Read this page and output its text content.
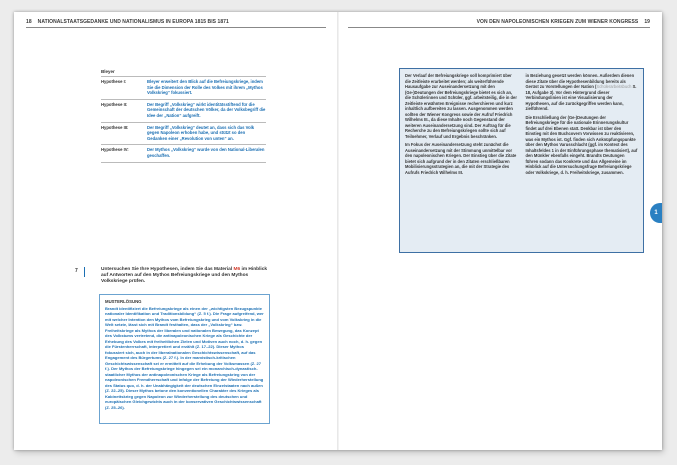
18 NATIONALSTAATSGEDANKE UND NATIONALISMUS IN EUROPA 1815 BIS 1871	VON DEN NAPOLEONISCHEN KRIEGEN ZUM WIENER KONGRESS 19
Bleyer
Hypothese I:	Bleyer erweitert den Blick auf die Befreiungskriege, indem Sie die Dimension der Rolle des Volkes mit ihrem „Mythos Volkskrieg“ fokussiert.
Hypothese II:	Der Begriff „Volkskrieg“ wirkt identitätsstiftend für die Gemeinschaft der deutschen Völker, da der Volksbegriff die Idee der „Nation“ aufgreift.
Hypothese III:	Der Begriff „Volkskrieg“ deutet an, dass sich das Volk gegen Napoleon erhoben habe, und stützt so den Gedanken einer „Revolution von unten“ an.
Hypothese IV:	Der Mythos „Volkskrieg“ wurde von den National-Liberalen geschaffen.
7	Untersuchen Sie Ihre Hypothesen, indem Sie das Material M6 im Hinblick auf Antworten auf den Mythos Befreiungskriege und den Mythos Volkskriege prüfen.
MUSTERLÖSUNG
Brandt identifiziert die Befreiungskriege als einen der „wichtigsten Bezugspunkte nationaler Identifikation und Traditionsbildung“ (Z. 5 f.). Die Frage aufgreifend, wer mit welcher Intention den Mythos vom Befreiungskrieg und vom Volkskrieg in die Welt setzte, lässt sich mit Brandt festhalten, dass der „Volkskrieg“ bzw. Freiheitskriege als Mythos der liberalen und nationalen Bewegung, das Konzept des Volkstums vertretend, die antinapoleonischen Kriege als Geschichte der Erhebung des Volkes mit freiheitlichen Zielen und Motiven auch noch, d. h. gegen die Fürstenherrschaft, interpretiert und erzählt (Z. 17–22). Dieser Mythos fokussiert sich, auch in der liberalnationalen Geschichtswissenschaft, auf das Engagement des Bürgertums (Z. 27 f.). In der marxistisch-kritischen Geschichtswissenschaft sei er ermittelt auf die Erhebung der Volksmassen (Z. 27 f.). Der Mythos der Befreiungskriege hingegen sei ein monarchisch-dynastisch-staatlicher Mythos der antinapoleonischen Kriege als Befreiungskrieg von der napoleonischen Fremdherrschaft und infolge der Befreiung der Wiederherstellung des Status quo, d. h. der Unabhängigkeit der deutschen Einzelstaaten nach außen (Z. 22–25). Dieser Mythos betone den konventionellen Charakter des Krieges als Kabinettskrieg gegen Napoleon zur Wiederherstellung des deutschen und europäischen Gleichgewichts auch in der konservativen Geschichtswissenschaft (Z. 25–26).

Der Verlauf der Befreiungskriege soll komprimiert über die Zeitleiste erarbeitet werden; als weiterführende Hausaufgabe zur Auseinandersetzung mit den (Ge-)Deutungen der Befreiungskriege bietet es sich an, die Schülerinnen und Schüler, ggf. arbeitsteilig, die in der Zeitleiste erwähnten Ereignisse recherchieren und kurz inhaltlich aufbereiten zu lassen. Ausgenommen werden sollten der Wiener Kongress sowie der Aufruf Friedrich Wilhelms III., da diese Inhalte noch Gegenstand der weiteren Auseinandersetzung sind. Der Auftrag für die Recherche zu den Befreiungskriegen sollte sich auf Teilnehmer, Verlauf und Ergebnis beschränken.

Im Fokus der Auseinandersetzung steht zunächst die Auseinandersetzung mit der Stimmung unmittelbar vor den napoleonischen Kriegen. Der Einstieg über die Zitate bietet sich aufgrund der in den Zitaten erschließbaren Mobilisierungsstrategien an, die mit der Strategie des Aufrufs Friedrich Wilhelms III.

in Beziehung gesetzt werden können. Außerdem dienen diese Zitate über die Hypothesenbildung bereits als Gerüst zu Vorstellungen der Nation (Schülerarbeitsbuch S. 18, Aufgabe 3). Vor dem Hintergrund dieser Verbindungslinien ist eine Visualisierung der Hypothesen, auf die zurückgegriffen werden kann, zielführend.

Die Erschließung der (Ge-)Deutungen der Befreiungskriege für die nationale Erinnerungskultur findet auf drei Ebenen statt. Denkbar ist über den Einstieg mit den Buchcovern Vorwissen zu reaktivieren, was ein Mythos ist. Ggf. finden sich Anknüpfungspunkte über den Mythos Varusschlacht (ggf. im Kontext des Inhaltsfeldes 1 in der Einführungsphase thematisiert), auf den Münkler ebenfalls eingeht. Brandts Deutungen führen sodann das Konkrete und das Allgemeine im Hinblick auf die Untersuchungsfrage Befreiungskriege oder Volkskriege, d. h. Freiheitskriege, zusammen.

1
